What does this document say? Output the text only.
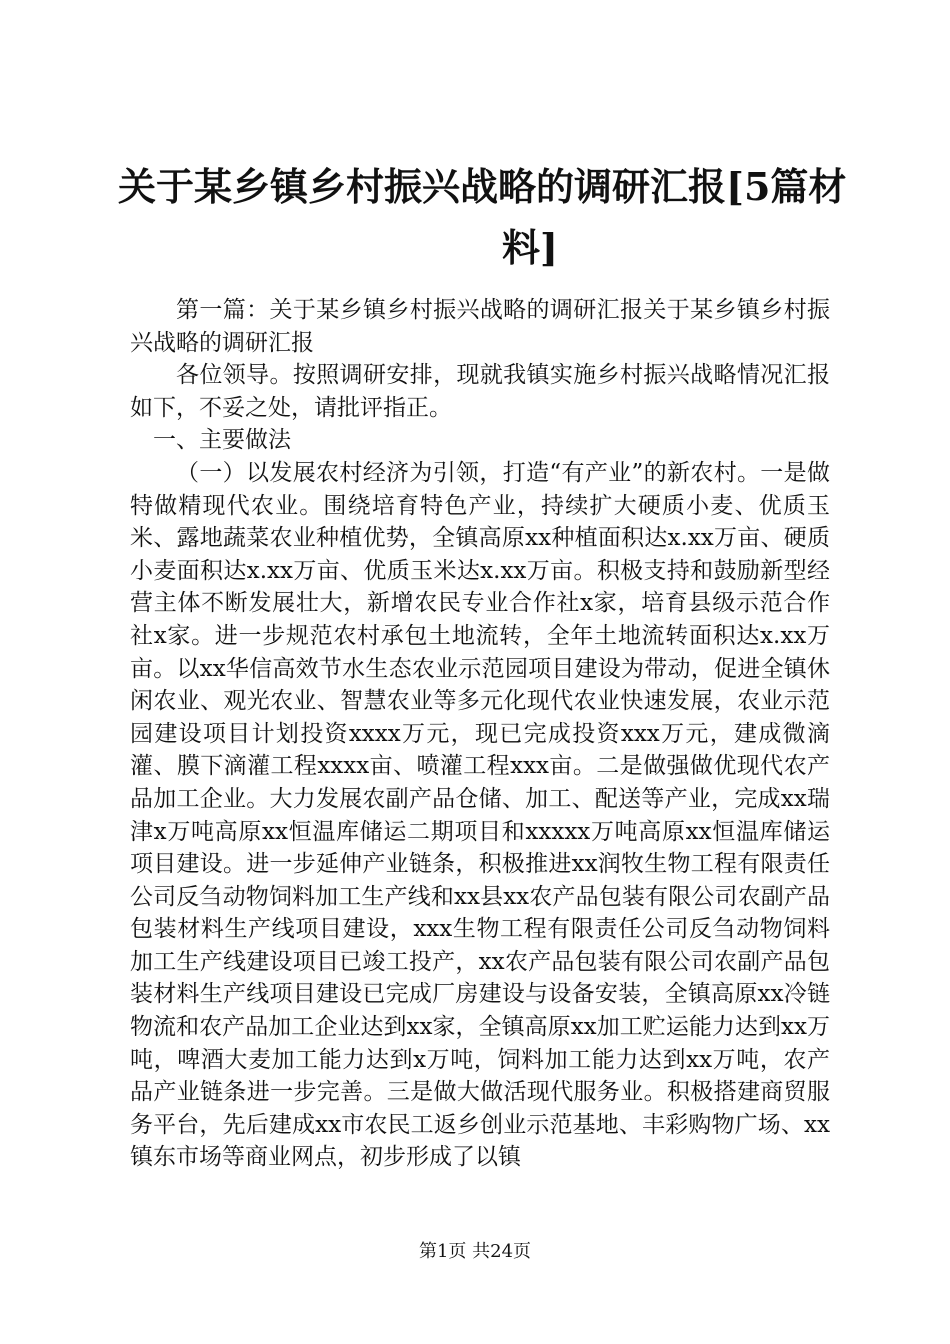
关于某乡镇乡村振兴战略的调研汇报[5篇材
料]

第一篇：关于某乡镇乡村振兴战略的调研汇报关于某乡镇乡村振兴战略的调研汇报

各位领导。按照调研安排，现就我镇实施乡村振兴战略情况汇报如下，不妥之处，请批评指正。

一、主要做法

（一）以发展农村经济为引领，打造“有产业”的新农村。一是做特做精现代农业。围绕培育特色产业，持续扩大硬质小麦、优质玉米、露地蔬菜农业种植优势，全镇高原xx种植面积达x.xx万亩、硬质小麦面积达x.xx万亩、优质玉米达x.xx万亩。积极支持和鼓励新型经营主体不断发展壮大，新增农民专业合作社x家，培育县级示范合作社x家。进一步规范农村承包土地流转，全年土地流转面积达x.xx万亩。以xx华信高效节水生态农业示范园项目建设为带动，促进全镇休闲农业、观光农业、智慧农业等多元化现代农业快速发展，农业示范园建设项目计划投资xxxx万元，现已完成投资xxx万元，建成微滴灌、膜下滴灌工程xxxx亩、喷灌工程xxx亩。二是做强做优现代农产品加工企业。大力发展农副产品仓储、加工、配送等产业，完成xx瑞津x万吨高原xx恒温库储运二期项目和xxxxx万吨高原xx恒温库储运项目建设。进一步延伸产业链条，积极推进xx润牧生物工程有限责任公司反刍动物饲料加工生产线和xx县xx农产品包装有限公司农副产品包装材料生产线项目建设，xxx生物工程有限责任公司反刍动物饲料加工生产线建设项目已竣工投产，xx农产品包装有限公司农副产品包装材料生产线项目建设已完成厂房建设与设备安装，全镇高原xx冷链物流和农产品加工企业达到xx家，全镇高原xx加工贮运能力达到xx万吨，啤酒大麦加工能力达到x万吨，饲料加工能力达到xx万吨，农产品产业链条进一步完善。三是做大做活现代服务业。积极搭建商贸服务平台，先后建成xx市农民工返乡创业示范基地、丰彩购物广场、xx镇东市场等商业网点，初步形成了以镇

第1页 共24页
